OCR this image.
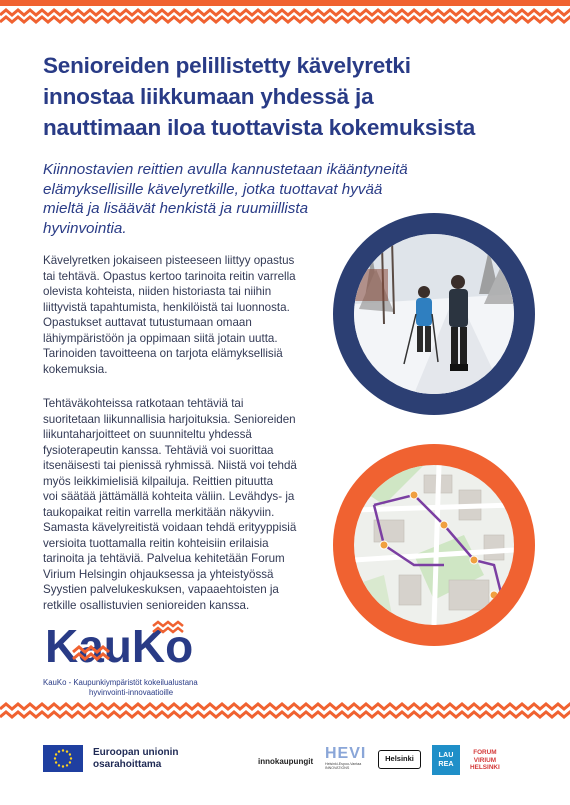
Senioreiden pelillistetty kävelyretki
innostaa liikkumaan yhdessä ja
nauttimaan iloa tuottavista kokemuksista
Kiinnostavien reittien avulla kannustetaan ikääntyneitä
elämyksellisille kävelyretkille, jotka tuottavat hyvää
mieltä ja lisäävät henkistä ja ruumiillista
hyvinvointia.
Kävelyretken jokaiseen pisteeseen liittyy opastus
tai tehtävä. Opastus kertoo tarinoita reitin varrella
olevista kohteista, niiden historiasta tai niihin
liittyvistä tapahtumista, henkilöistä tai luonnosta.
Opastukset auttavat tutustumaan omaan
lähiympäristöön ja oppimaan siitä jotain uutta.
Tarinoiden tavoitteena on tarjota elämyksellisiä
kokemuksia.
Tehtäväkohteissa ratkotaan tehtäviä tai
suoritetaan liikunnallisia harjoituksia. Senioreiden
liikuntaharjoitteet on suunniteltu yhdessä
fysioterapeutin kanssa. Tehtäviä voi suorittaa
itsenäisesti tai pienissä ryhmissä. Niistä voi tehdä
myös leikkimielisiä kilpailuja. Reittien pituutta
voi säätää jättämällä kohteita väliin. Levähdys- ja
taukopaikat reitin varrella merkitään näkyviin.
Samasta kävelyreitistä voidaan tehdä erityyppisiä
versioita tuottamalla reitin kohteisiin erilaisia
tarinoita ja tehtäviä. Palvelua kehitetään Forum
Virium Helsingin ohjauksessa ja yhteistyössä
Syystien palvelukeskuksen, vapaaehtoisten ja
retkille osallistuvien senioreiden kanssa.
KauKo
KauKo - Kaupunkiympäristöt kokeilualustana
hyvinvointi-innovaatioille
Euroopan unionin
osarahoittama	innokaupungit HEVI
Helsinki-Espoo-Vantaa
INNOVATIONS
Helsinki	LAU
REA
FORUM
VIRIUM
HELSINKI
